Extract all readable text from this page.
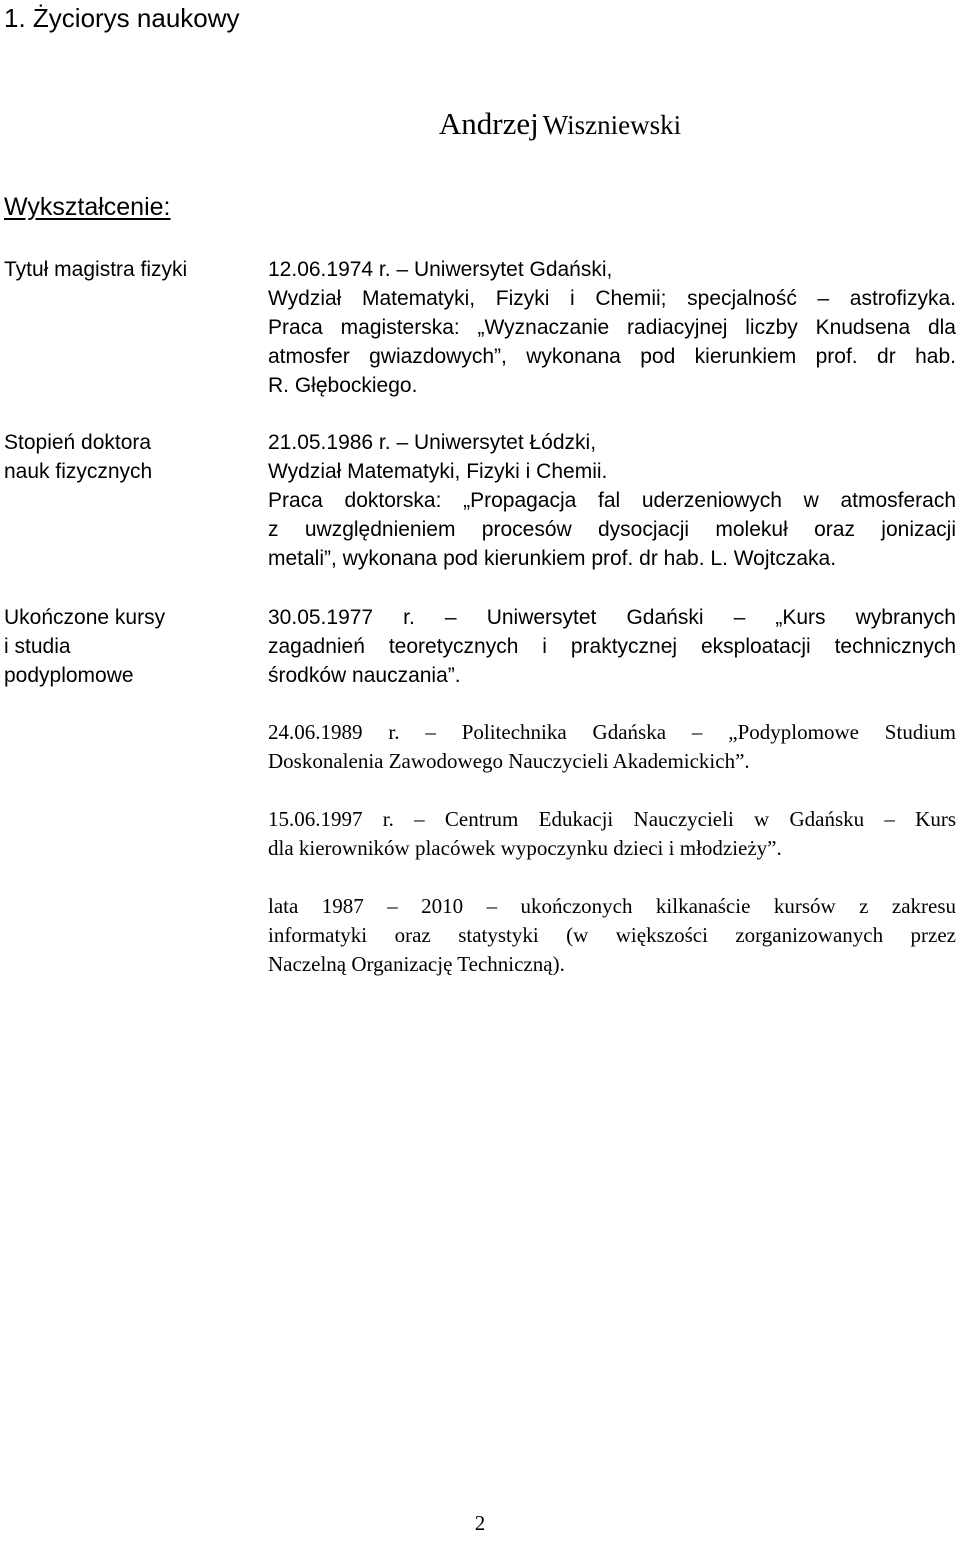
1. Życiorys naukowy
Andrzej Wiszniewski
Wykształcenie:
Tytuł magistra fizyki
Stopień doktora
nauk fizycznych
Ukończone kursy
i studia
podyplomowe
12.06.1974 r. – Uniwersytet Gdański,
Wydział Matematyki, Fizyki i Chemii; specjalność – astrofizyka.
Praca magisterska: „Wyznaczanie radiacyjnej liczby Knudsena dla
atmosfer gwiazdowych”, wykonana pod kierunkiem prof. dr hab.
R. Głębockiego.
21.05.1986 r. – Uniwersytet Łódzki,
Wydział Matematyki, Fizyki i Chemii.
Praca doktorska: „Propagacja fal uderzeniowych w atmosferach
z uwzględnieniem procesów dysocjacji molekuł oraz jonizacji
metali”, wykonana pod kierunkiem prof. dr hab. L. Wojtczaka.
30.05.1977 r. – Uniwersytet Gdański – „Kurs wybranych
zagadnień teoretycznych i praktycznej eksploatacji technicznych
środków nauczania”.
24.06.1989 r. – Politechnika Gdańska – „Podyplomowe Studium
Doskonalenia Zawodowego Nauczycieli Akademickich”.
15.06.1997 r. – Centrum Edukacji Nauczycieli w Gdańsku – Kurs
dla kierowników placówek wypoczynku dzieci i młodzieży”.
lata 1987 – 2010 – ukończonych kilkanaście kursów z zakresu
informatyki oraz statystyki (w większości zorganizowanych przez
Naczelną Organizację Techniczną).
2
